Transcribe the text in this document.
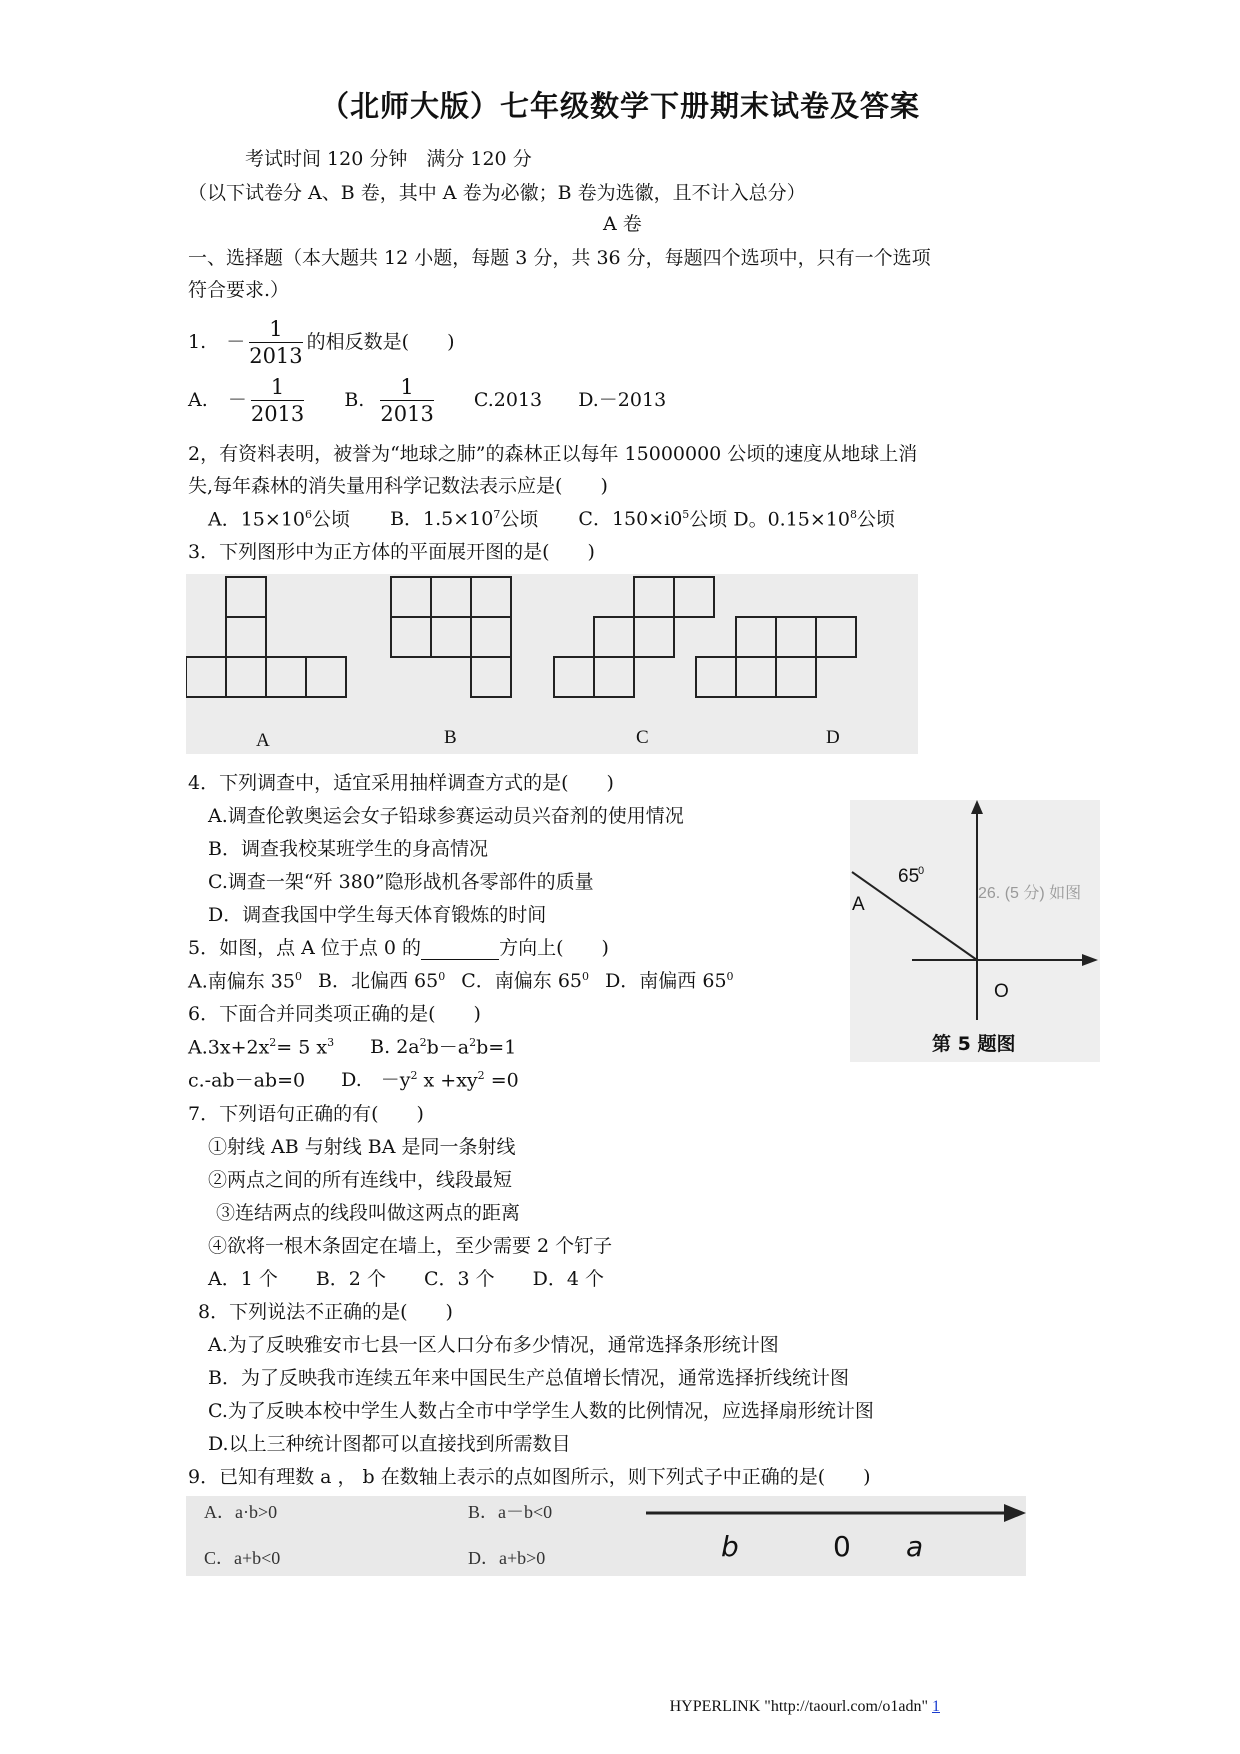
（北师大版）七年级数学下册期末试卷及答案
考试时间 120 分钟　满分 120 分
（以下试卷分 A、B 卷，其中 A 卷为必徽；B 卷为选徽，且不计入总分）
A 卷
一、选择题（本大题共 12 小题，每题 3 分，共 36 分，每题四个选项中，只有一个选项
符合要求.）
1. － $\frac{1}{2013}$ 的相反数是(　　)
A. － $\frac{1}{2013} B$. $\frac{1}{2013} C.2013$ D.－2013
2，有资料表明，被誉为“地球之肺”的森林正以每年 15000000 公顷的速度从地球上消
失,每年森林的消失量用科学记数法表示应是(　　)
A．$15\times 10^6$公顷 B．$1.5\times 10^7$公顷 C．$150\times i0^5$公顷 D。$0.15\times 10^8$公顷
3．下列图形中为正方体的平面展开图的是(　　)
A	B	C	D
4．下列调查中，适宜采用抽样调查方式的是(　　)
A.调查伦敦奥运会女子铅球参赛运动员兴奋剂的使用情况
B．调查我校某班学生的身高情况
C.调查一架“歼 380”隐形战机各零部件的质量
D．调查我国中学生每天体育锻炼的时间
5．如图，点 A 位于点 0 的	方向上(　　)
A.南偏东 $35^0$ B．北偏西 $65^0$ C．南偏东 $65^0$ D．南偏西 $65^0$
26. (5 分) 如图
65
0
A
O
第 5 题图
6．下面合并同类项正确的是(　　)
$A.3x+2x^2= 5$ $x^3$ B. $2a^2b-a^2b=1$
c.-ab－ab=0 D.　$-y^2$ $x +xy^2 =0$
7．下列语句正确的有(　　)
①射线 AB 与射线 BA 是同一条射线
②两点之间的所有连线中，线段最短
③连结两点的线段叫做这两点的距离
④欲将一根木条固定在墙上，至少需要 2 个钉子
A．1 个　　B．2 个　　C．3 个　　D．4 个
8．下列说法不正确的是(　　)
A.为了反映雅安市七县一区人口分布多少情况，通常选择条形统计图
B．为了反映我市连续五年来中国民生产总值增长情况，通常选择折线统计图
C.为了反映本校中学生人数占全市中学学生人数的比例情况，应选择扇形统计图
D.以上三种统计图都可以直接找到所需数目
9．已知有理数 a ， b 在数轴上表示的点如图所示，则下列式子中正确的是(　　)
A．a·b>0	B．a－b<0
C．a+b<0	D．a+b>0	b	0 a
HYPERLINK "http://taourl.com/o1adn" 1
